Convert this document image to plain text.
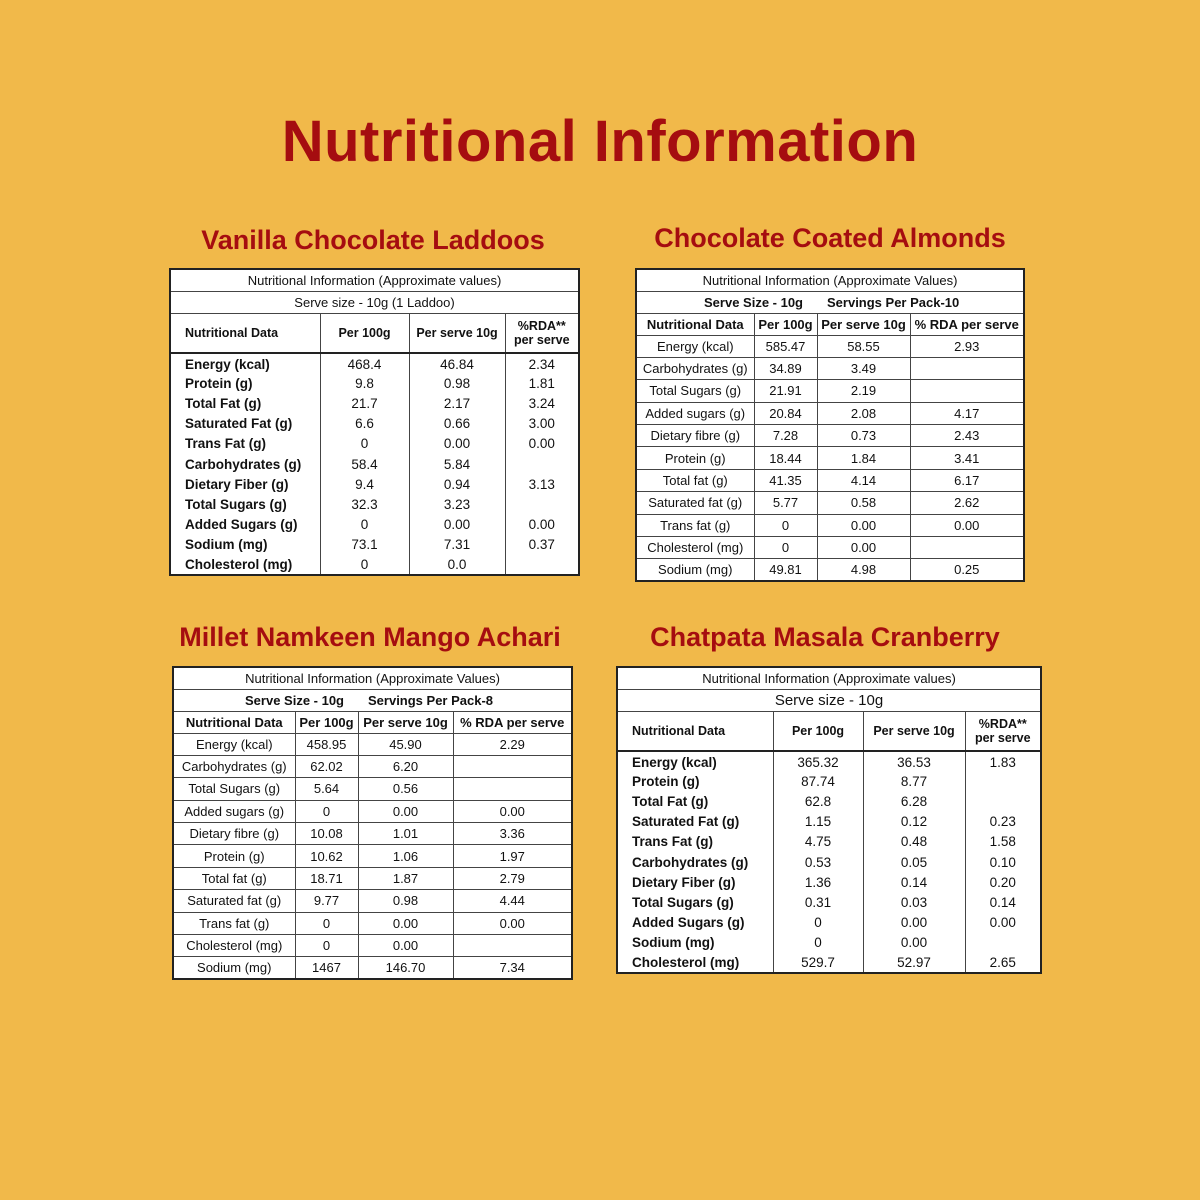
Nutritional Information
Vanilla Chocolate Laddoos
Nutritional Information (Approximate values)			
Serve size - 10g (1 Laddoo)			
Nutritional Data	Per 100g	Per serve 10g	%RDA** per serve
Energy (kcal)	468.4	46.84	2.34
Protein (g)	9.8	0.98	1.81
Total Fat (g)	21.7	2.17	3.24
Saturated Fat (g)	6.6	0.66	3.00
Trans Fat (g)	0	0.00	0.00
Carbohydrates (g)	58.4	5.84	
Dietary Fiber (g)	9.4	0.94	3.13
Total Sugars (g)	32.3	3.23	
Added Sugars (g)	0	0.00	0.00
Sodium (mg)	73.1	7.31	0.37
Cholesterol (mg)	0	0.0	
Chocolate Coated Almonds
Nutritional Information (Approximate Values)			
Serve Size - 10g		Servings Per Pack-10	
Nutritional Data	Per 100g	Per serve 10g	% RDA per serve
Energy (kcal)	585.47	58.55	2.93
Carbohydrates (g)	34.89	3.49	
Total Sugars (g)	21.91	2.19	
Added sugars (g)	20.84	2.08	4.17
Dietary fibre (g)	7.28	0.73	2.43
Protein (g)	18.44	1.84	3.41
Total fat (g)	41.35	4.14	6.17
Saturated fat (g)	5.77	0.58	2.62
Trans fat (g)	0	0.00	0.00
Cholesterol (mg)	0	0.00	
Sodium (mg)	49.81	4.98	0.25
Millet Namkeen Mango Achari
Nutritional Information (Approximate Values)			
Serve Size - 10g		Servings Per Pack-8	
Nutritional Data	Per 100g	Per serve 10g	% RDA per serve
Energy (kcal)	458.95	45.90	2.29
Carbohydrates (g)	62.02	6.20	
Total Sugars (g)	5.64	0.56	
Added sugars (g)	0	0.00	0.00
Dietary fibre (g)	10.08	1.01	3.36
Protein (g)	10.62	1.06	1.97
Total fat (g)	18.71	1.87	2.79
Saturated fat (g)	9.77	0.98	4.44
Trans fat (g)	0	0.00	0.00
Cholesterol (mg)	0	0.00	
Sodium (mg)	1467	146.70	7.34
Chatpata Masala Cranberry
Nutritional Information (Approximate values)			
Serve size - 10g			
Nutritional Data	Per 100g	Per serve 10g	%RDA** per serve
Energy (kcal)	365.32	36.53	1.83
Protein (g)	87.74	8.77	
Total Fat (g)	62.8	6.28	
Saturated Fat (g)	1.15	0.12	0.23
Trans Fat (g)	4.75	0.48	1.58
Carbohydrates (g)	0.53	0.05	0.10
Dietary Fiber (g)	1.36	0.14	0.20
Total Sugars (g)	0.31	0.03	0.14
Added Sugars (g)	0	0.00	0.00
Sodium (mg)	0	0.00	
Cholesterol (mg)	529.7	52.97	2.65
